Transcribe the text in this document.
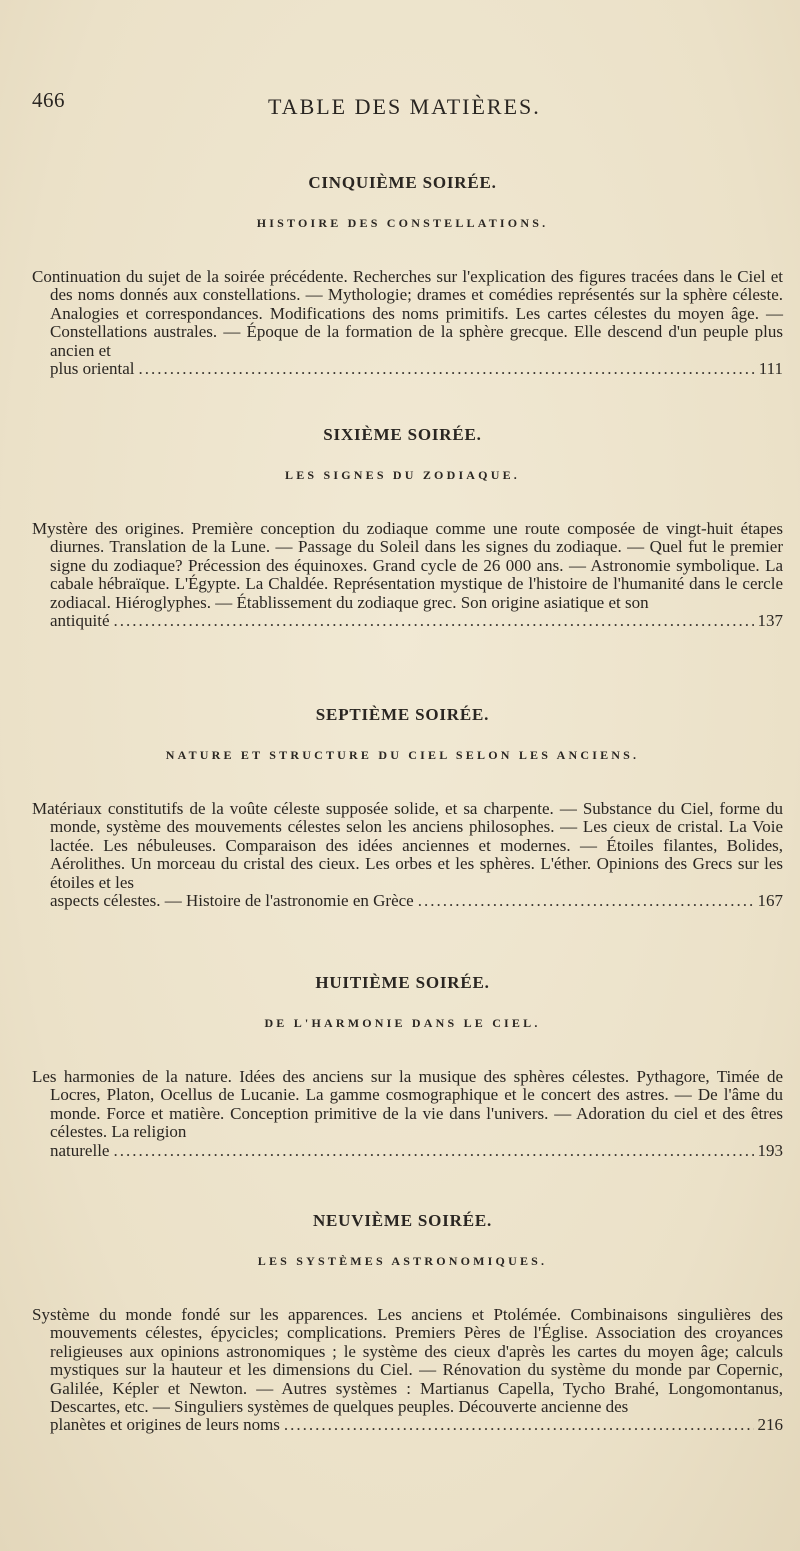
466	TABLE DES MATIÈRES.
CINQUIÈME SOIRÉE.
HISTOIRE DES CONSTELLATIONS.
Continuation du sujet de la soirée précédente. Recherches sur l'explication des figures tracées dans le Ciel et des noms donnés aux constellations. — Mythologie; drames et comédies représentés sur la sphère céleste. Analogies et correspondances. Modifications des noms primitifs. Les cartes célestes du moyen âge. — Constellations australes. — Époque de la formation de la sphère grecque. Elle descend d'un peuple plus ancien et
plus oriental .....	111
SIXIÈME SOIRÉE.
LES SIGNES DU ZODIAQUE.
Mystère des origines. Première conception du zodiaque comme une route composée de vingt-huit étapes diurnes. Translation de la Lune. — Passage du Soleil dans les signes du zodiaque. — Quel fut le premier signe du zodiaque? Précession des équinoxes. Grand cycle de 26 000 ans. — Astronomie symbolique. La cabale hébraïque. L'Égypte. La Chaldée. Représentation mystique de l'histoire de l'humanité dans le cercle zodiacal. Hiéroglyphes. — Établissement du zodiaque grec. Son origine asiatique et son
antiquité .....	137
SEPTIÈME SOIRÉE.
NATURE ET STRUCTURE DU CIEL SELON LES ANCIENS.
Matériaux constitutifs de la voûte céleste supposée solide, et sa charpente. — Substance du Ciel, forme du monde, système des mouvements célestes selon les anciens philosophes. — Les cieux de cristal. La Voie lactée. Les nébuleuses. Comparaison des idées anciennes et modernes. — Étoiles filantes, Bolides, Aérolithes. Un morceau du cristal des cieux. Les orbes et les sphères. L'éther. Opinions des Grecs sur les étoiles et les
aspects célestes. — Histoire de l'astronomie en Grèce .....	167
HUITIÈME SOIRÉE.
DE L'HARMONIE DANS LE CIEL.
Les harmonies de la nature. Idées des anciens sur la musique des sphères célestes. Pythagore, Timée de Locres, Platon, Ocellus de Lucanie. La gamme cosmographique et le concert des astres. — De l'âme du monde. Force et matière. Conception primitive de la vie dans l'univers. — Adoration du ciel et des êtres célestes. La religion
naturelle .....	193
NEUVIÈME SOIRÉE.
LES SYSTÈMES ASTRONOMIQUES.
Système du monde fondé sur les apparences. Les anciens et Ptolémée. Combinaisons singulières des mouvements célestes, épycicles; complications. Premiers Pères de l'Église. Association des croyances religieuses aux opinions astronomiques ; le système des cieux d'après les cartes du moyen âge; calculs mystiques sur la hauteur et les dimensions du Ciel. — Rénovation du système du monde par Copernic, Galilée, Képler et Newton. — Autres systèmes : Martianus Capella, Tycho Brahé, Longomontanus, Descartes, etc. — Singuliers systèmes de quelques peuples. Découverte ancienne des
planètes et origines de leurs noms .....	216
